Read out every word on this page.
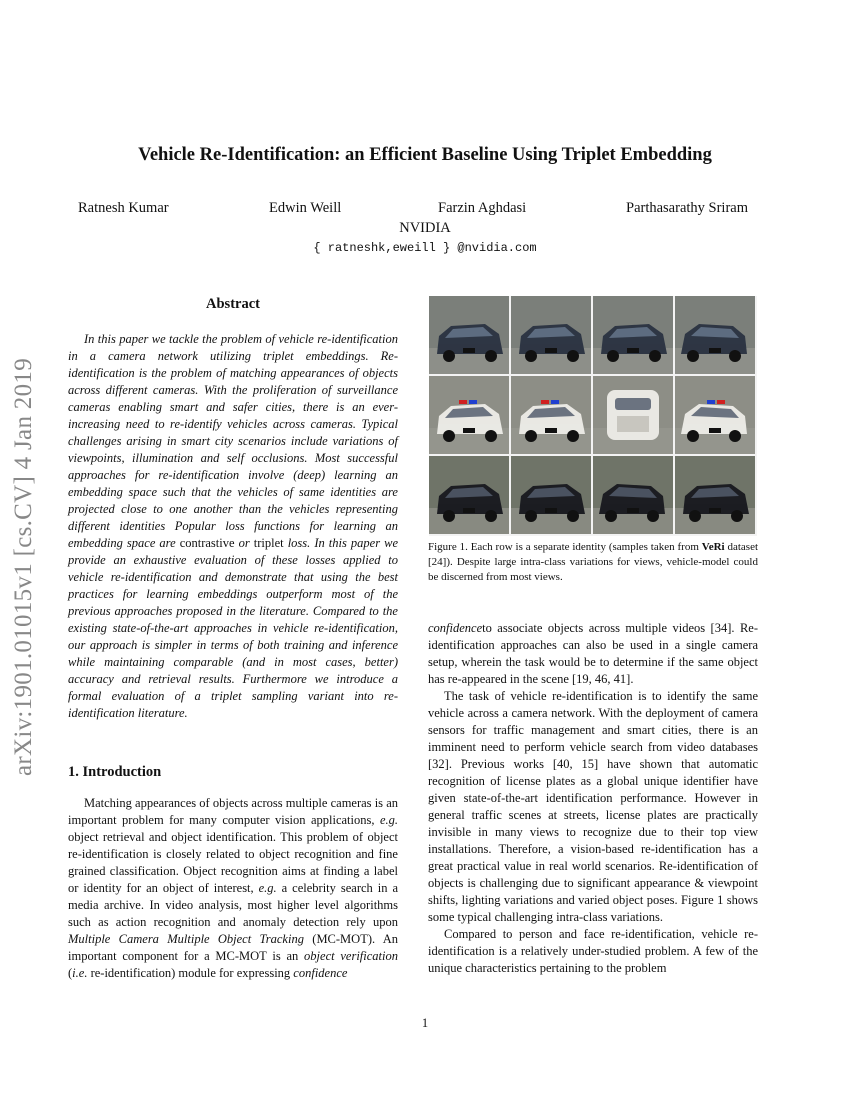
Vehicle Re-Identification: an Efficient Baseline Using Triplet Embedding
Ratnesh Kumar	Edwin Weill	Farzin Aghdasi	Parthasarathy Sriram
NVIDIA
{ ratneshk,eweill } @nvidia.com
arXiv:1901.01015v1 [cs.CV] 4 Jan 2019
Abstract

In this paper we tackle the problem of vehicle re-identification in a camera network utilizing triplet embeddings. Re-identification is the problem of matching appearances of objects across different cameras. With the proliferation of surveillance cameras enabling smart and safer cities, there is an ever-increasing need to re-identify vehicles across cameras. Typical challenges arising in smart city scenarios include variations of viewpoints, illumination and self occlusions. Most successful approaches for re-identification involve (deep) learning an embedding space such that the vehicles of same identities are projected close to one another than the vehicles representing different identities Popular loss functions for learning an embedding space are contrastive or triplet loss. In this paper we provide an exhaustive evaluation of these losses applied to vehicle re-identification and demonstrate that using the best practices for learning embeddings outperform most of the previous approaches proposed in the literature. Compared to the existing state-of-the-art approaches in vehicle re-identification, our approach is simpler in terms of both training and inference while maintaining comparable (and in most cases, better) accuracy and retrieval results. Furthermore we introduce a formal evaluation of a triplet sampling variant into re-identification literature.

1. Introduction

Matching appearances of objects across multiple cameras is an important problem for many computer vision applications, e.g. object retrieval and object identification. This problem of object re-identification is closely related to object recognition and fine grained classification. Object recognition aims at finding a label or identity for an object of interest, e.g. a celebrity search in a media archive. In video analysis, most higher level algorithms such as action recognition and anomaly detection rely upon Multiple Camera Multiple Object Tracking (MC-MOT). An important component for a MC-MOT is an object verification (i.e. re-identification) module for expressing confidence

Figure 1. Each row is a separate identity (samples taken from VeRi dataset [24]). Despite large intra-class variations for views, vehicle-model could be discerned from most views.

confidenceto associate objects across multiple videos [34]. Re-identification approaches can also be used in a single camera setup, wherein the task would be to determine if the same object has re-appeared in the scene [19, 46, 41].

The task of vehicle re-identification is to identify the same vehicle across a camera network. With the deployment of camera sensors for traffic management and smart cities, there is an imminent need to perform vehicle search from video databases [32]. Previous works [40, 15] have shown that automatic recognition of license plates as a global unique identifier have given state-of-the-art identification performance. However in general traffic scenes at streets, license plates are practically invisible in many views to recognize due to their top view installations. Therefore, a vision-based re-identification has a great practical value in real world scenarios. Re-identification of objects is challenging due to significant appearance & viewpoint shifts, lighting variations and varied object poses. Figure 1 shows some typical challenging intra-class variations.

Compared to person and face re-identification, vehicle re-identification is a relatively under-studied problem. A few of the unique characteristics pertaining to the problem

1
